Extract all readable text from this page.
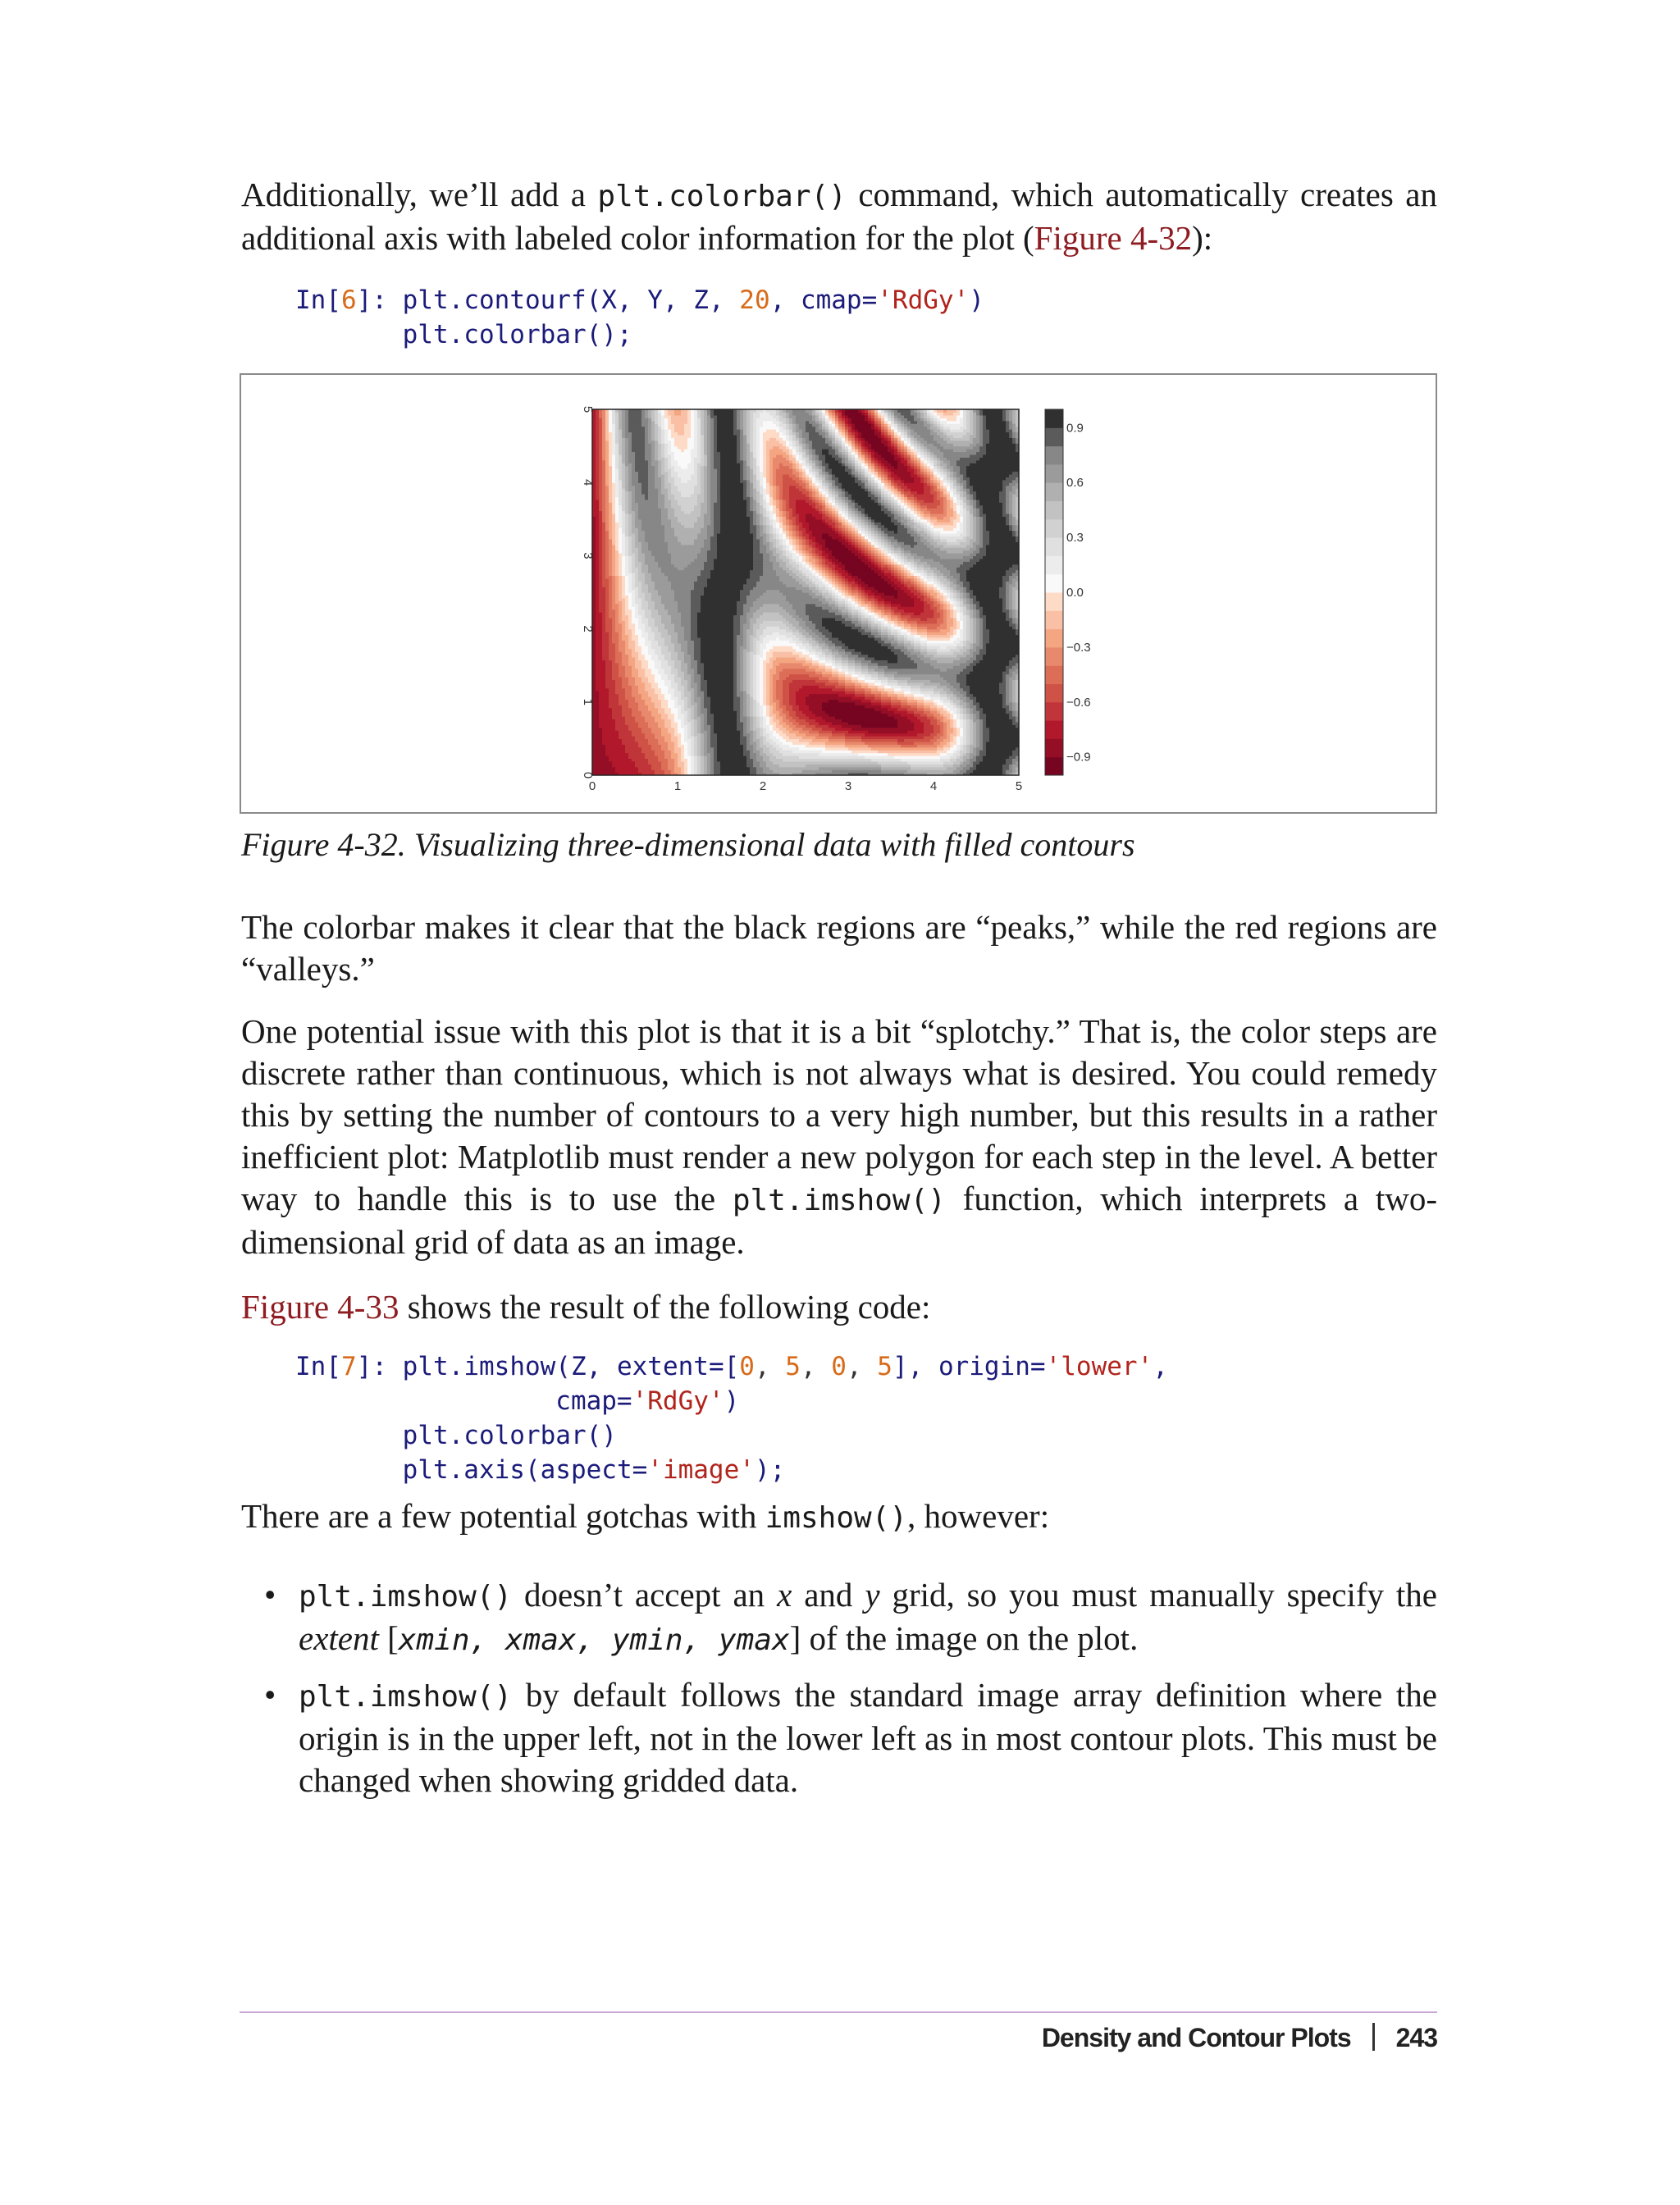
Additionally, we’ll add a plt.colorbar() command, which automatically creates an additional axis with labeled color information for the plot (Figure 4-32):

In[6]: plt.contourf(X, Y, Z, 20, cmap='RdGy')
plt.colorbar();
0	1	2	3	4	5
0
1
2
3
4
5
0.9
0.6
0.3
0.0
−0.3
−0.6
−0.9

Figure 4-32. Visualizing three-dimensional data with filled contours

The colorbar makes it clear that the black regions are “peaks,” while the red regions are “valleys.”

One potential issue with this plot is that it is a bit “splotchy.” That is, the color steps are discrete rather than continuous, which is not always what is desired. You could remedy this by setting the number of contours to a very high number, but this results in a rather inefficient plot: Matplotlib must render a new polygon for each step in the level. A better way to handle this is to use the plt.imshow() function, which interprets a two-dimensional grid of data as an image.

Figure 4-33 shows the result of the following code:

In[7]: plt.imshow(Z, extent=[0, 5, 0, 5], origin='lower',
cmap='RdGy')
plt.colorbar()
plt.axis(aspect='image');

There are a few potential gotchas with imshow(), however:

• plt.imshow() doesn’t accept an x and y grid, so you must manually specify the extent [xmin, xmax, ymin, ymax] of the image on the plot.

• plt.imshow() by default follows the standard image array definition where the origin is in the upper left, not in the lower left as in most contour plots. This must be changed when showing gridded data.

Density and Contour Plots 243
